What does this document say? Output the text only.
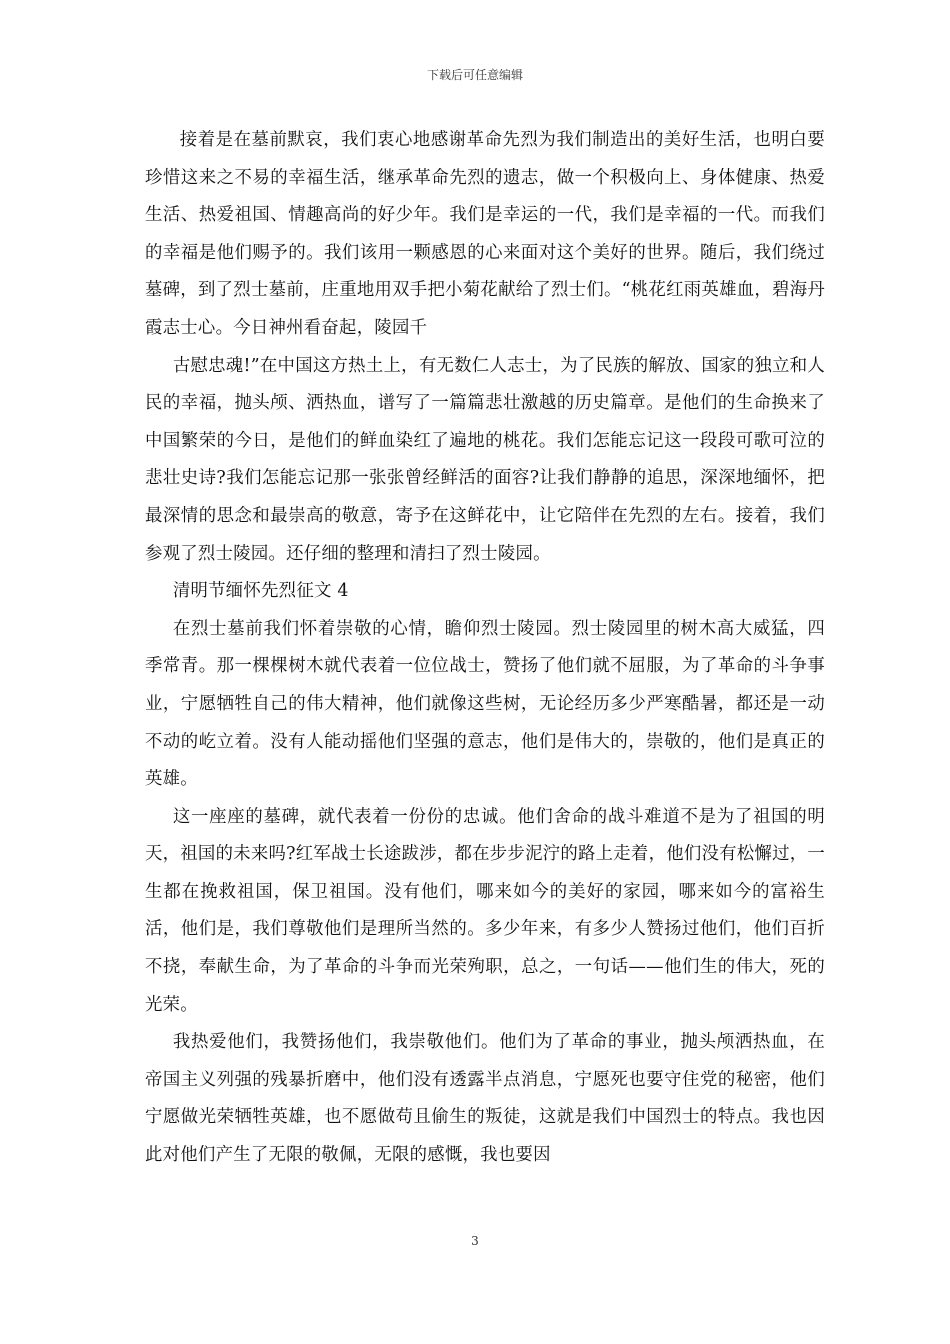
下载后可任意编辑

接着是在墓前默哀，我们衷心地感谢革命先烈为我们制造出的美好生活，也明白要珍惜这来之不易的幸福生活，继承革命先烈的遗志，做一个积极向上、身体健康、热爱生活、热爱祖国、情趣高尚的好少年。我们是幸运的一代，我们是幸福的一代。而我们的幸福是他们赐予的。我们该用一颗感恩的心来面对这个美好的世界。随后，我们绕过墓碑，到了烈士墓前，庄重地用双手把小菊花献给了烈士们。“桃花红雨英雄血，碧海丹霞志士心。今日神州看奋起，陵园千

古慰忠魂!”在中国这方热土上，有无数仁人志士，为了民族的解放、国家的独立和人民的幸福，抛头颅、洒热血，谱写了一篇篇悲壮激越的历史篇章。是他们的生命换来了中国繁荣的今日，是他们的鲜血染红了遍地的桃花。我们怎能忘记这一段段可歌可泣的悲壮史诗?我们怎能忘记那一张张曾经鲜活的面容?让我们静静的追思，深深地缅怀，把最深情的思念和最崇高的敬意，寄予在这鲜花中，让它陪伴在先烈的左右。接着，我们参观了烈士陵园。还仔细的整理和清扫了烈士陵园。

清明节缅怀先烈征文 4

在烈士墓前我们怀着崇敬的心情，瞻仰烈士陵园。烈士陵园里的树木高大威猛，四季常青。那一棵棵树木就代表着一位位战士，赞扬了他们就不屈服，为了革命的斗争事业，宁愿牺牲自己的伟大精神，他们就像这些树，无论经历多少严寒酷暑，都还是一动不动的屹立着。没有人能动摇他们坚强的意志，他们是伟大的，崇敬的，他们是真正的英雄。

这一座座的墓碑，就代表着一份份的忠诚。他们舍命的战斗难道不是为了祖国的明天，祖国的未来吗?红军战士长途跋涉，都在步步泥泞的路上走着，他们没有松懈过，一生都在挽救祖国，保卫祖国。没有他们，哪来如今的美好的家园，哪来如今的富裕生活，他们是，我们尊敬他们是理所当然的。多少年来，有多少人赞扬过他们，他们百折不挠，奉献生命，为了革命的斗争而光荣殉职，总之，一句话——他们生的伟大，死的光荣。

我热爱他们，我赞扬他们，我崇敬他们。他们为了革命的事业，抛头颅洒热血，在帝国主义列强的残暴折磨中，他们没有透露半点消息，宁愿死也要守住党的秘密，他们宁愿做光荣牺牲英雄，也不愿做苟且偷生的叛徒，这就是我们中国烈士的特点。我也因此对他们产生了无限的敬佩，无限的感慨，我也要因

3
